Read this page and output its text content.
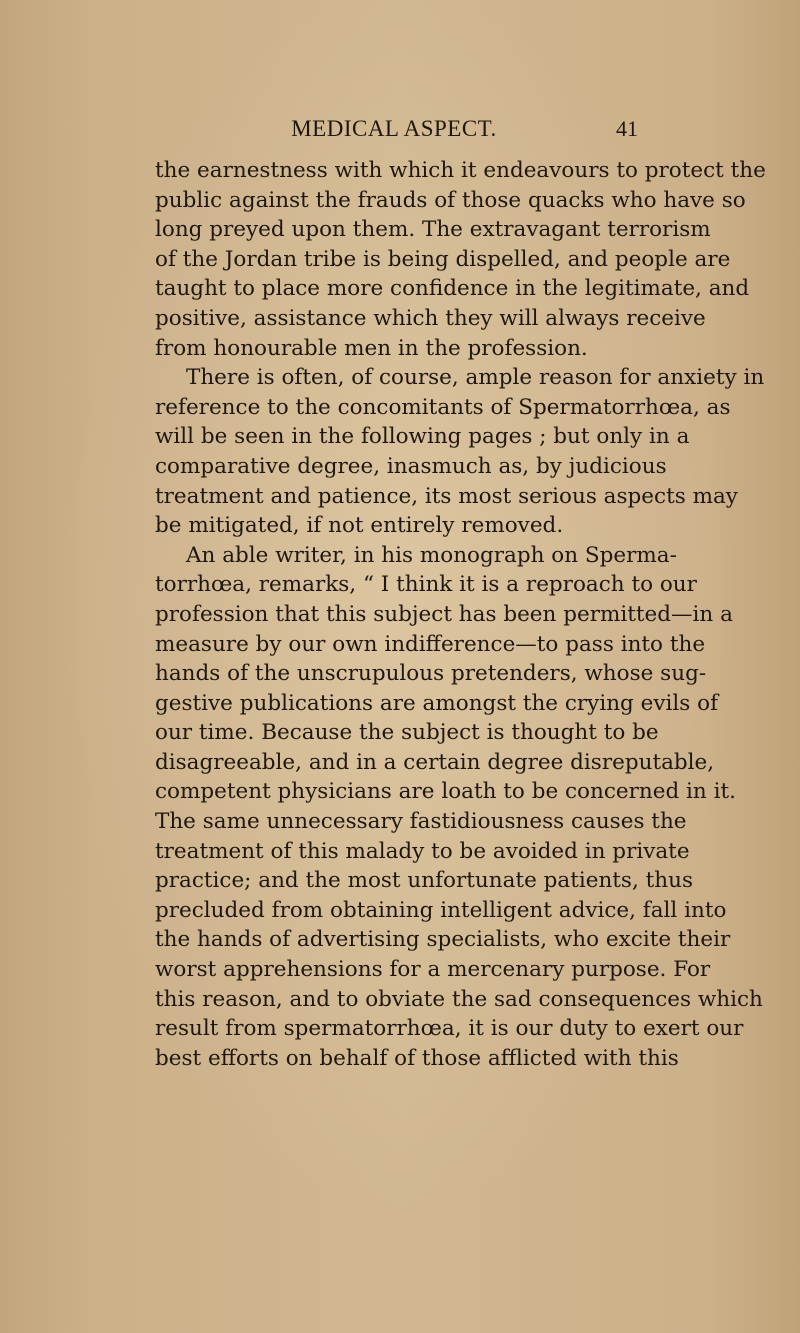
MEDICAL ASPECT.	41
the earnestness with which it endeavours to protect the
public against the frauds of those quacks who have so
long preyed upon them. The extravagant terrorism
of the Jordan tribe is being dispelled, and people are
taught to place more confidence in the legitimate, and
positive, assistance which they will always receive
from honourable men in the profession.
There is often, of course, ample reason for anxiety in
reference to the concomitants of Spermatorrhœa, as
will be seen in the following pages ; but only in a
comparative degree, inasmuch as, by judicious
treatment and patience, its most serious aspects may
be mitigated, if not entirely removed.
An able writer, in his monograph on Sperma-
torrhœa, remarks, “ I think it is a reproach to our
profession that this subject has been permitted—in a
measure by our own indifference—to pass into the
hands of the unscrupulous pretenders, whose sug-
gestive publications are amongst the crying evils of
our time. Because the subject is thought to be
disagreeable, and in a certain degree disreputable,
competent physicians are loath to be concerned in it.
The same unnecessary fastidiousness causes the
treatment of this malady to be avoided in private
practice; and the most unfortunate patients, thus
precluded from obtaining intelligent advice, fall into
the hands of advertising specialists, who excite their
worst apprehensions for a mercenary purpose. For
this reason, and to obviate the sad consequences which
result from spermatorrhœa, it is our duty to exert our
best efforts on behalf of those afflicted with this
